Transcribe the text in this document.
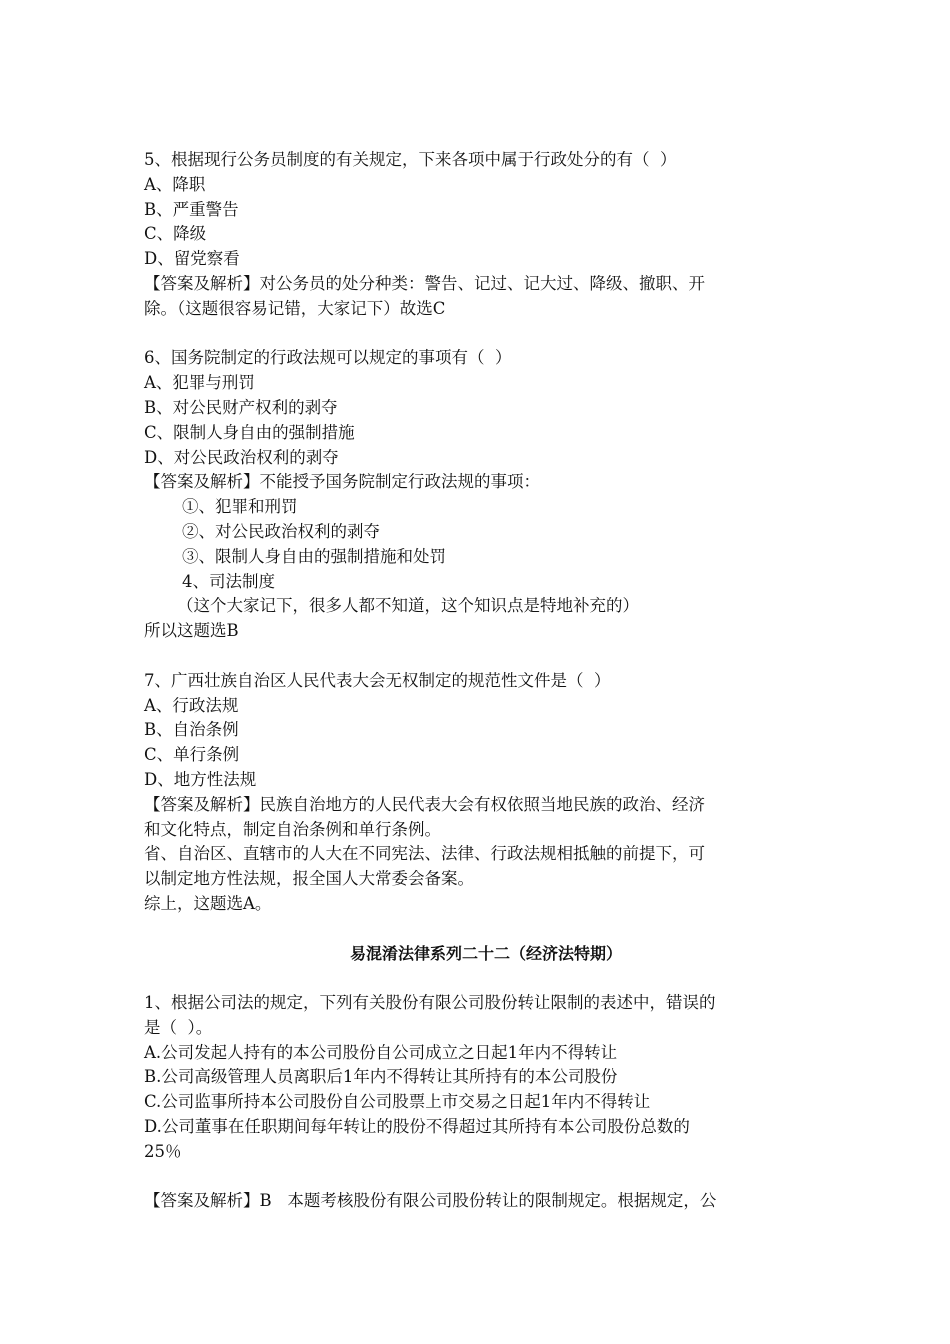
5、根据现行公务员制度的有关规定，下来各项中属于行政处分的有（  ）
A、降职
B、严重警告
C、降级
D、留党察看
【答案及解析】对公务员的处分种类：警告、记过、记大过、降级、撤职、开
除。（这题很容易记错，大家记下）故选C
6、国务院制定的行政法规可以规定的事项有（  ）
A、犯罪与刑罚
B、对公民财产权利的剥夺
C、限制人身自由的强制措施
D、对公民政治权利的剥夺
【答案及解析】不能授予国务院制定行政法规的事项：
①、犯罪和刑罚
②、对公民政治权利的剥夺
③、限制人身自由的强制措施和处罚
4、司法制度
（这个大家记下，很多人都不知道，这个知识点是特地补充的）
所以这题选B
7、广西壮族自治区人民代表大会无权制定的规范性文件是（  ）
A、行政法规
B、自治条例
C、单行条例
D、地方性法规
【答案及解析】民族自治地方的人民代表大会有权依照当地民族的政治、经济
和文化特点，制定自治条例和单行条例。
省、自治区、直辖市的人大在不同宪法、法律、行政法规相抵触的前提下，可
以制定地方性法规，报全国人大常委会备案。
综上，这题选A。
易混淆法律系列二十二（经济法特期）
1、根据公司法的规定，下列有关股份有限公司股份转让限制的表述中，错误的
是（  ）。
A.公司发起人持有的本公司股份自公司成立之日起1年内不得转让
B.公司高级管理人员离职后1年内不得转让其所持有的本公司股份
C.公司监事所持本公司股份自公司股票上市交易之日起1年内不得转让
D.公司董事在任职期间每年转让的股份不得超过其所持有本公司股份总数的
25％
【答案及解析】B   本题考核股份有限公司股份转让的限制规定。根据规定，公
